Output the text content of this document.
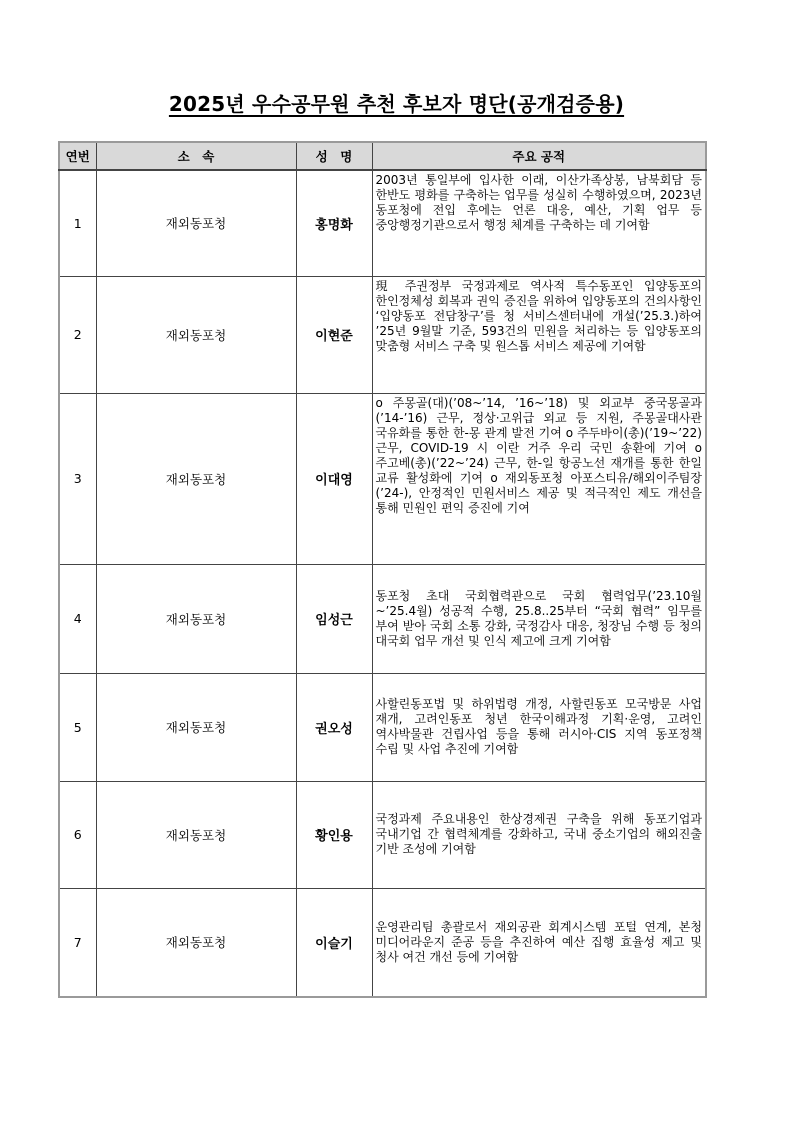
2025년 우수공무원 추천 후보자 명단(공개검증용)
연번	소　속	성　명	주요 공적
1	재외동포청	홍명화	2003년 통일부에 입사한 이래, 이산가족상봉, 남북회담 등 한반도 평화를 구축하는 업무를 성실히 수행하였으며, 2023년 동포청에 전입 후에는 언론 대응, 예산, 기획 업무 등 중앙행정기관으로서 행정 체계를 구축하는 데 기여함
2	재외동포청	이현준	現 주권정부 국정과제로 역사적 특수동포인 입양동포의 한인정체성 회복과 권익 증진을 위하여 입양동포의 건의사항인 ‘입양동포 전담창구’를 청 서비스센터내에 개설(’25.3.)하여 ’25년 9월말 기준, 593건의 민원을 처리하는 등 입양동포의 맞춤형 서비스 구축 및 원스톱 서비스 제공에 기여함
3	재외동포청	이대영	o 주몽골(대)(’08~’14, ’16~’18) 및 외교부 중국몽골과 (’14-’16) 근무, 정상·고위급 외교 등 지원, 주몽골대사관 국유화를 통한 한-몽 관계 발전 기여 o 주두바이(총)(’19~’22) 근무, COVID-19 시 이란 거주 우리 국민 송환에 기여 o 주고베(총)(’22~’24) 근무, 한-일 항공노선 재개를 통한 한일 교류 활성화에 기여 o 재외동포청 아포스티유/해외이주팀장(’24-), 안정적인 민원서비스 제공 및 적극적인 제도 개선을 통해 민원인 편익 증진에 기여
4	재외동포청	임성근	동포청 초대 국회협력관으로 국회 협력업무(’23.10월~’25.4월) 성공적 수행, 25.8..25부터 “국회 협력” 임무를 부여 받아 국회 소통 강화, 국정감사 대응, 청장님 수행 등 청의 대국회 업무 개선 및 인식 제고에 크게 기여함
5	재외동포청	권오성	사할린동포법 및 하위법령 개정, 사할린동포 모국방문 사업 재개, 고려인동포 청년 한국이해과정 기획·운영, 고려인 역사박물관 건립사업 등을 통해 러시아·CIS 지역 동포정책 수립 및 사업 추진에 기여함
6	재외동포청	황인용	국정과제 주요내용인 한상경제권 구축을 위해 동포기업과 국내기업 간 협력체계를 강화하고, 국내 중소기업의 해외진출 기반 조성에 기여함
7	재외동포청	이슬기	운영관리팀 총괄로서 재외공관 회계시스템 포털 연계, 본청 미디어라운지 준공 등을 추진하여 예산 집행 효율성 제고 및 청사 여건 개선 등에 기여함
